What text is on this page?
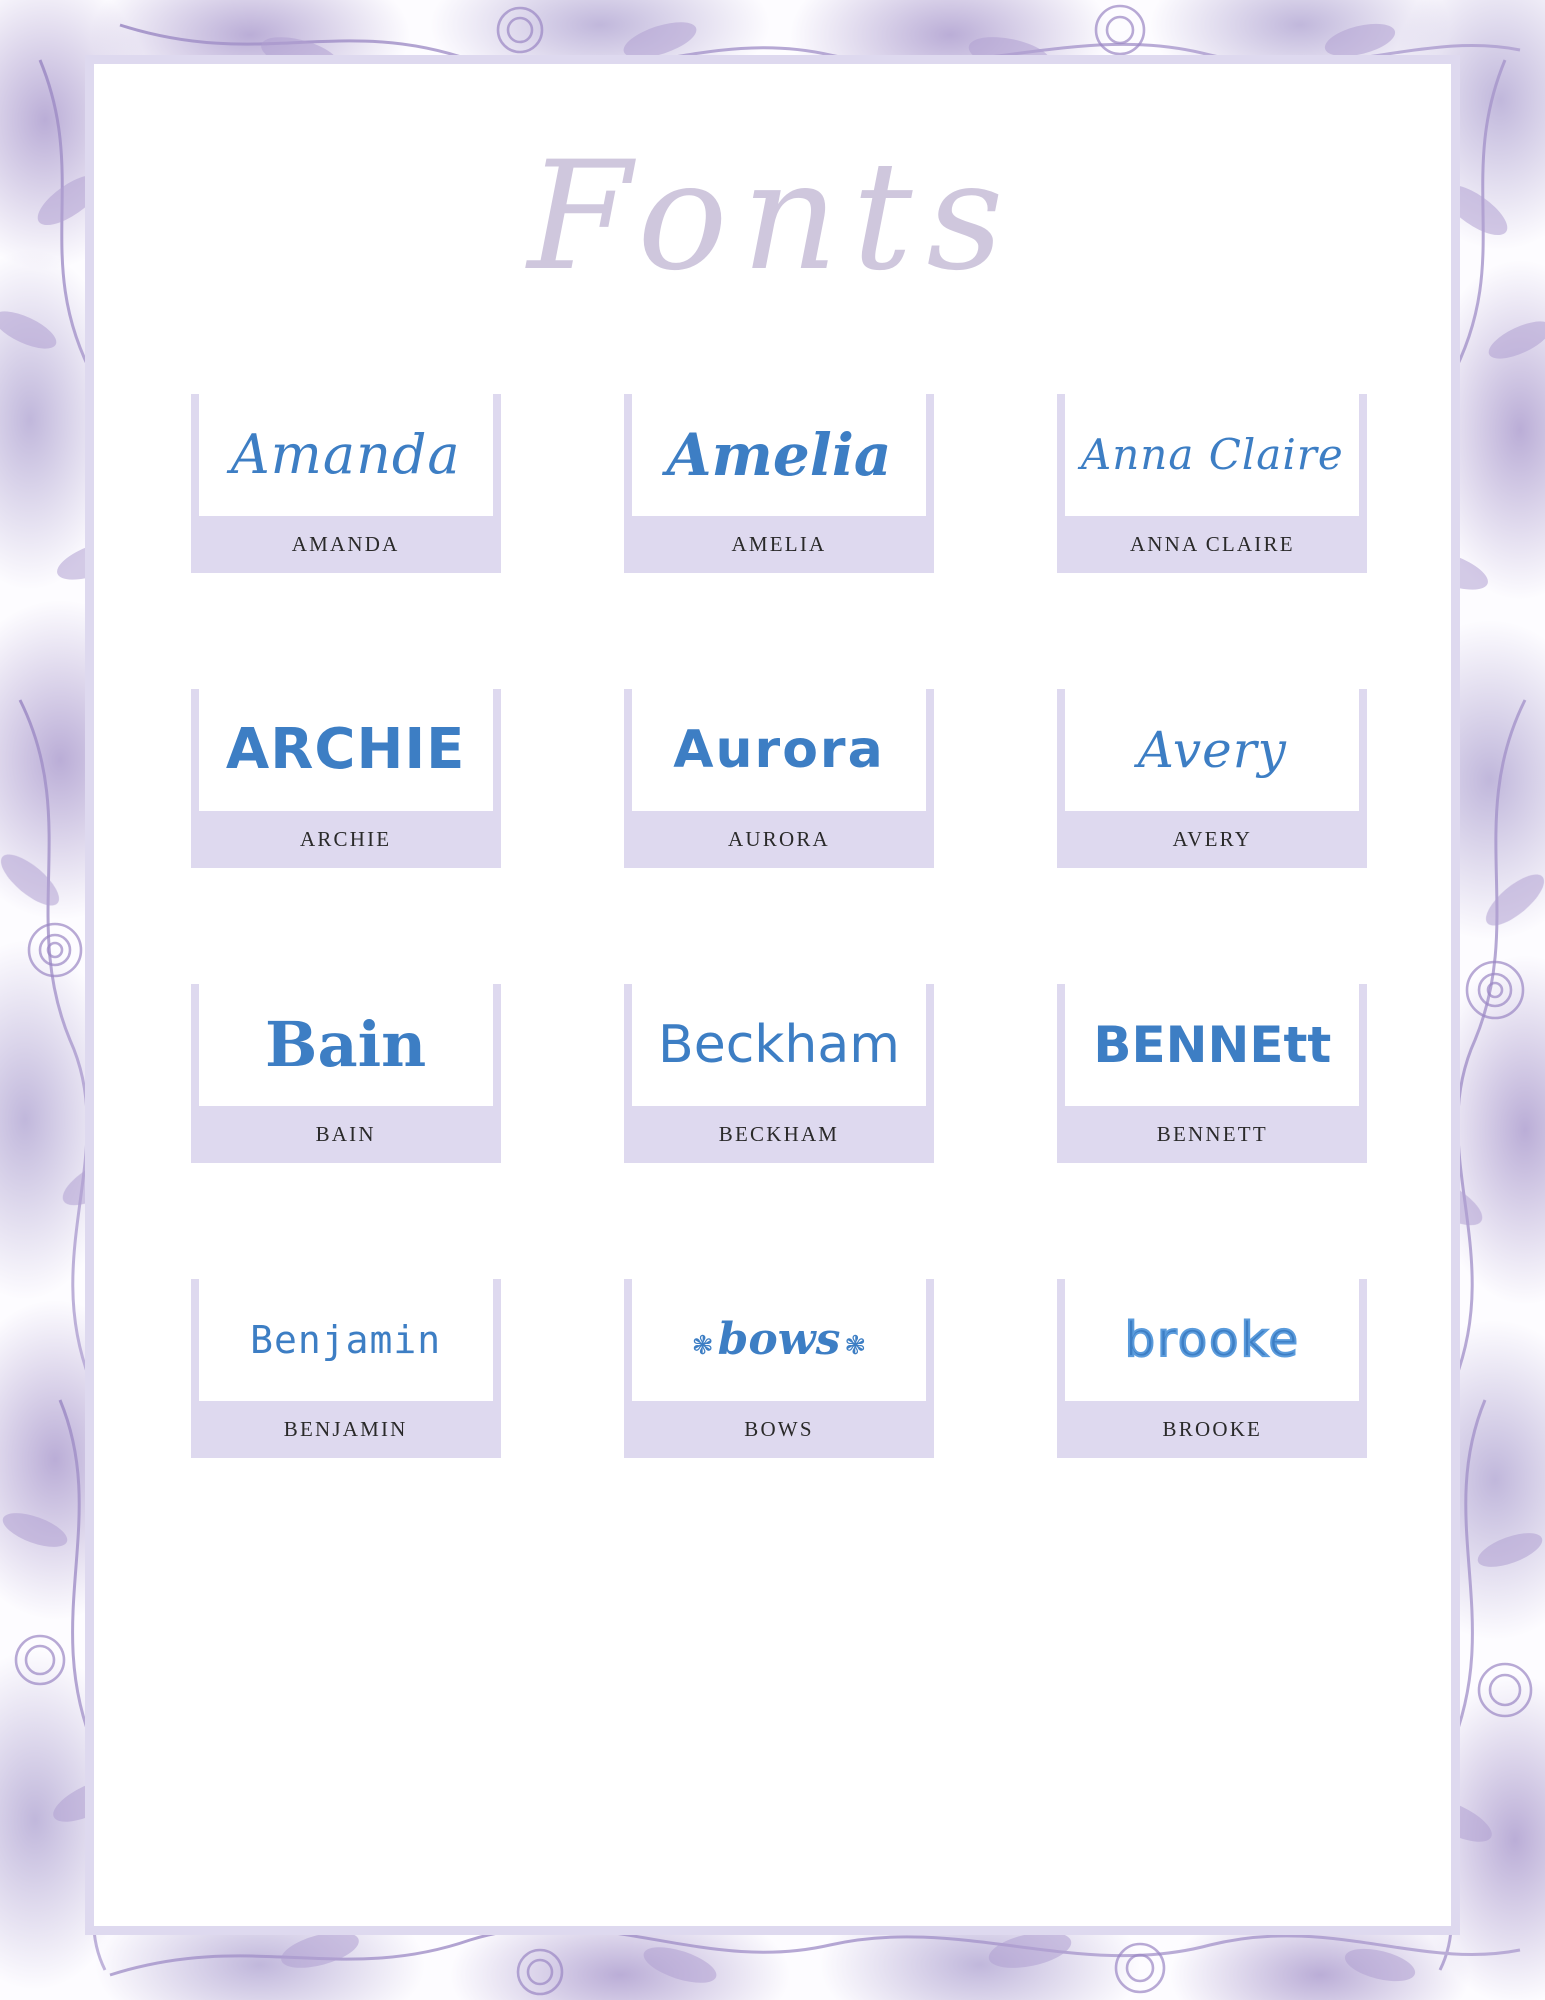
Fonts
Amanda
AMANDA
Amelia
AMELIA
Anna Claire
ANNA CLAIRE
ARCHIE
ARCHIE
Aurora
AURORA
Avery
AVERY
Bain
BAIN
Beckham
BECKHAM
BENNEtt
BENNETT
Benjamin
BENJAMIN
❃ bows ❃
BOWS
brooke
BROOKE
